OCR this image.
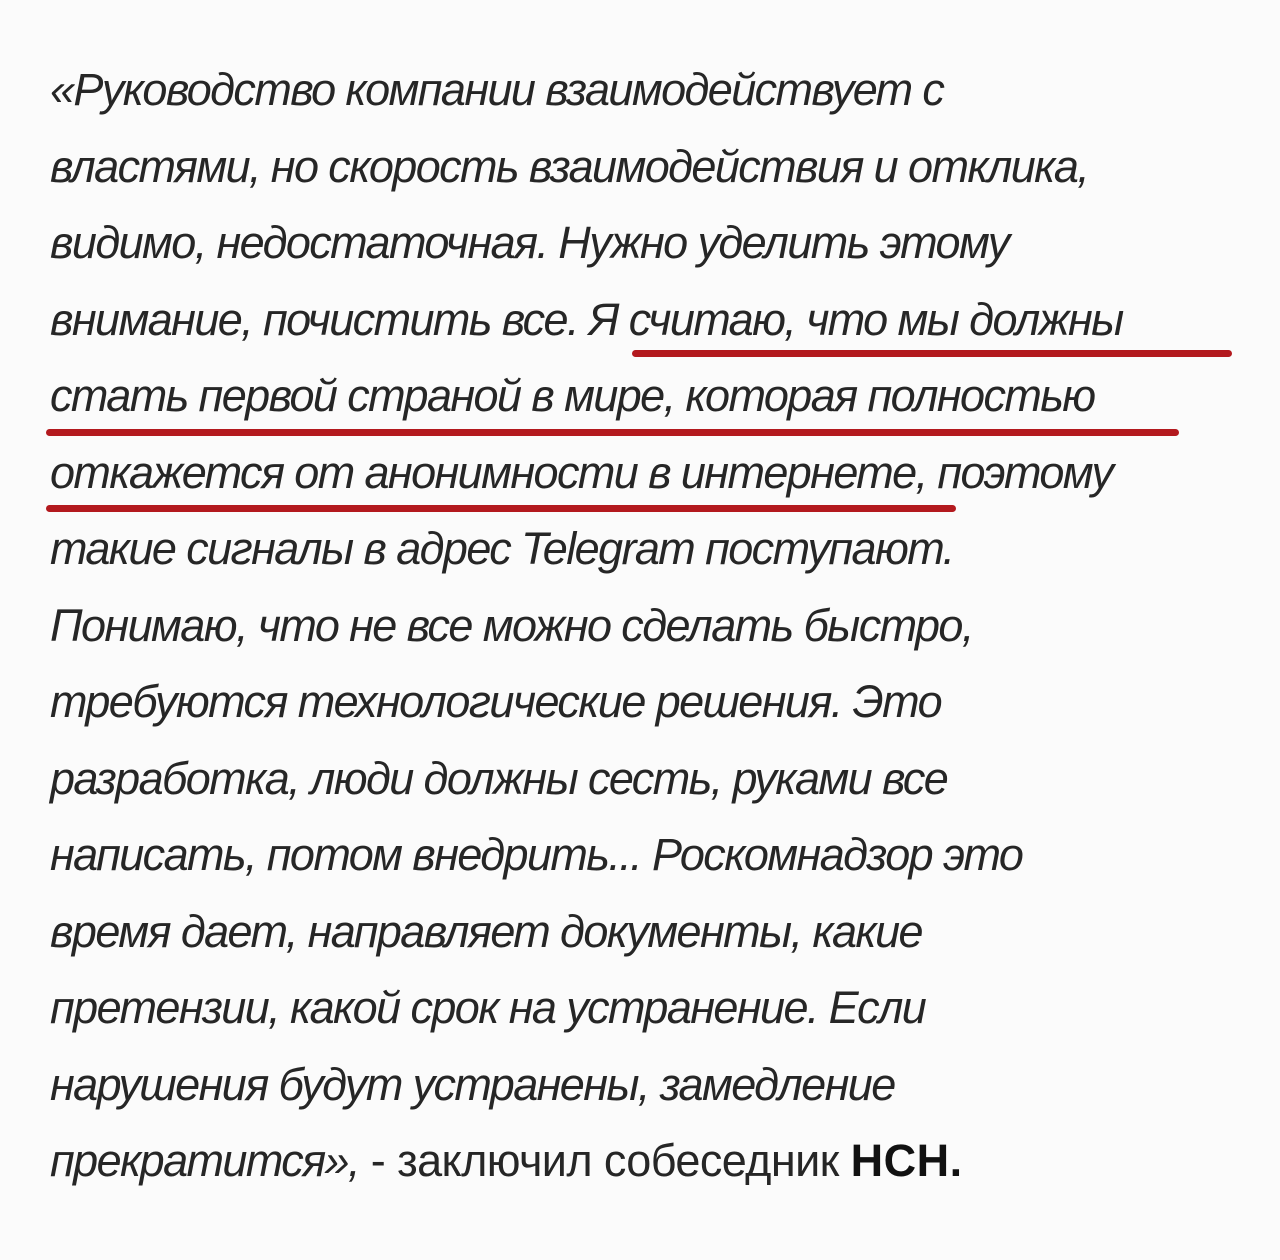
«Руководство компании взаимодействует с
властями, но скорость взаимодействия и отклика,
видимо, недостаточная. Нужно уделить этому
внимание, почистить все. Я считаю, что мы должны
стать первой страной в мире, которая полностью
откажется от анонимности в интернете, поэтому
такие сигналы в адрес Telegram поступают.
Понимаю, что не все можно сделать быстро,
требуются технологические решения. Это
разработка, люди должны сесть, руками все
написать, потом внедрить... Роскомнадзор это
время дает, направляет документы, какие
претензии, какой срок на устранение. Если
нарушения будут устранены, замедление
прекратится», - заключил собеседник НСН.
